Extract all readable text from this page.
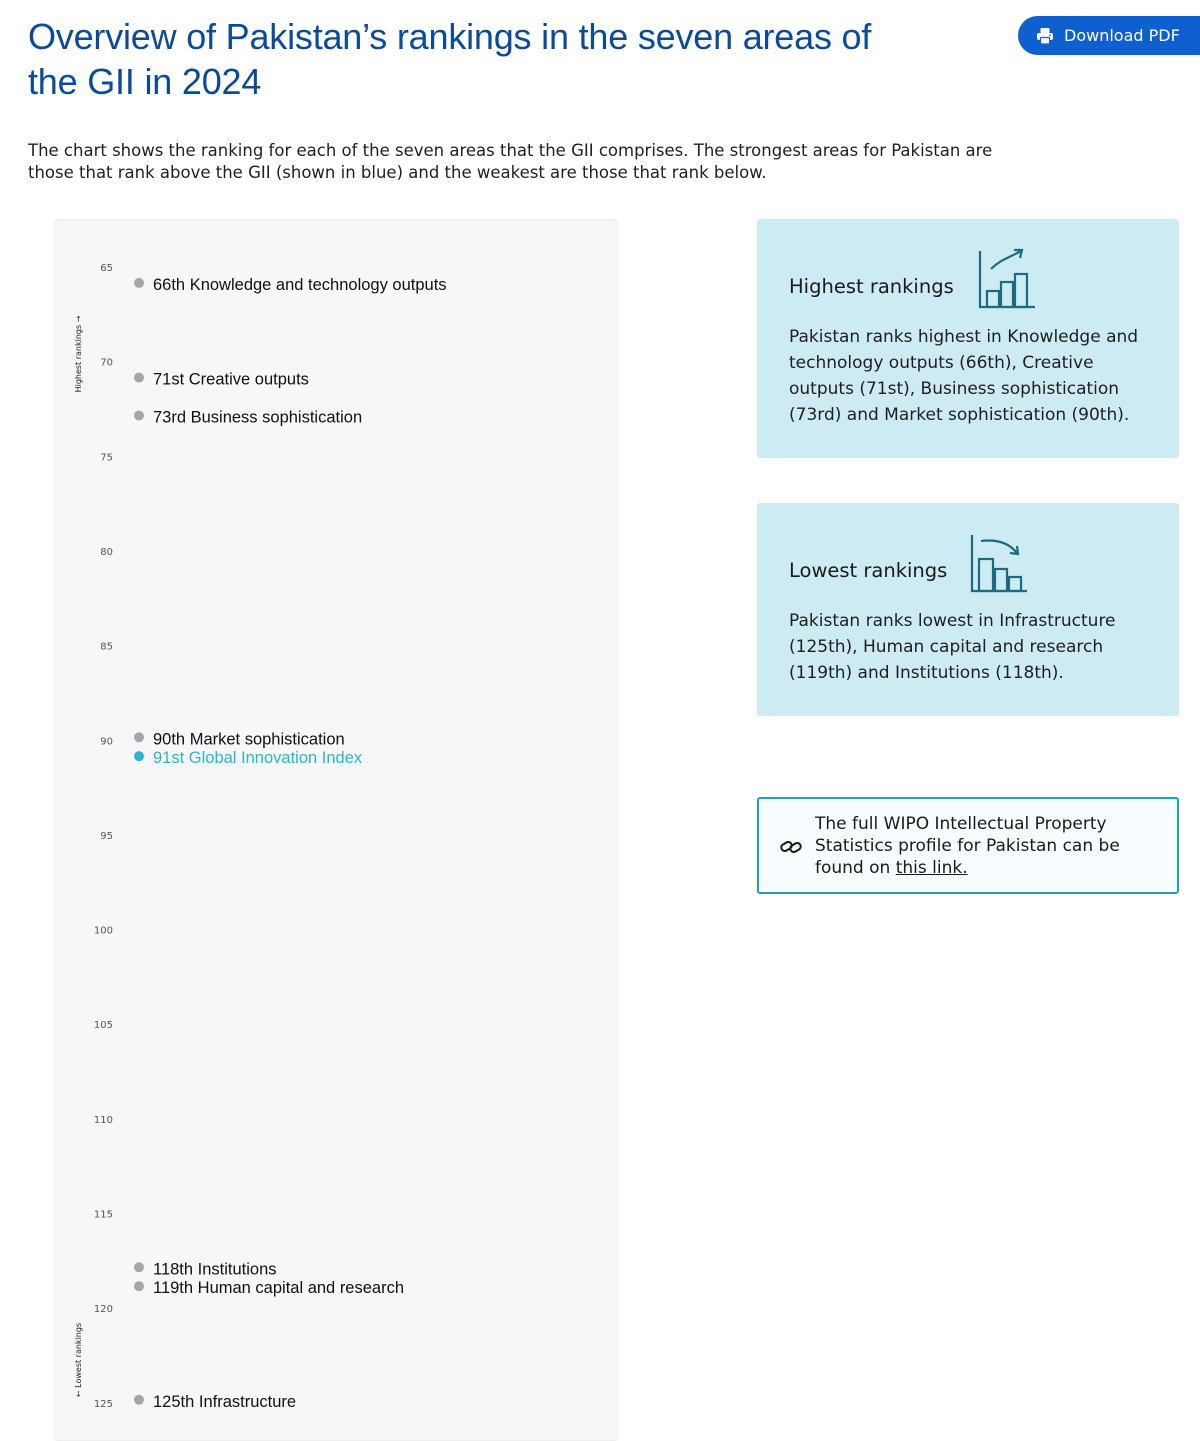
Overview of Pakistan’s rankings in the seven areas of the GII in 2024
Download PDF

The chart shows the ranking for each of the seven areas that the GII comprises. The strongest areas for Pakistan are those that rank above the GII (shown in blue) and the weakest are those that rank below.

65
70
75
80
85
90
95
100
105
110
115
120
125
Highest rankings →
← Lowest rankings
66th Knowledge and technology outputs
71st Creative outputs
73rd Business sophistication
90th Market sophistication
91st Global Innovation Index
118th Institutions
119th Human capital and research
125th Infrastructure
Highest rankings

Pakistan ranks highest in Knowledge and technology outputs (66th), Creative outputs (71st), Business sophistication (73rd) and Market sophistication (90th).

Lowest rankings

Pakistan ranks lowest in Infrastructure (125th), Human capital and research (119th) and Institutions (118th).

The full WIPO Intellectual Property Statistics profile for Pakistan can be found on this link.
